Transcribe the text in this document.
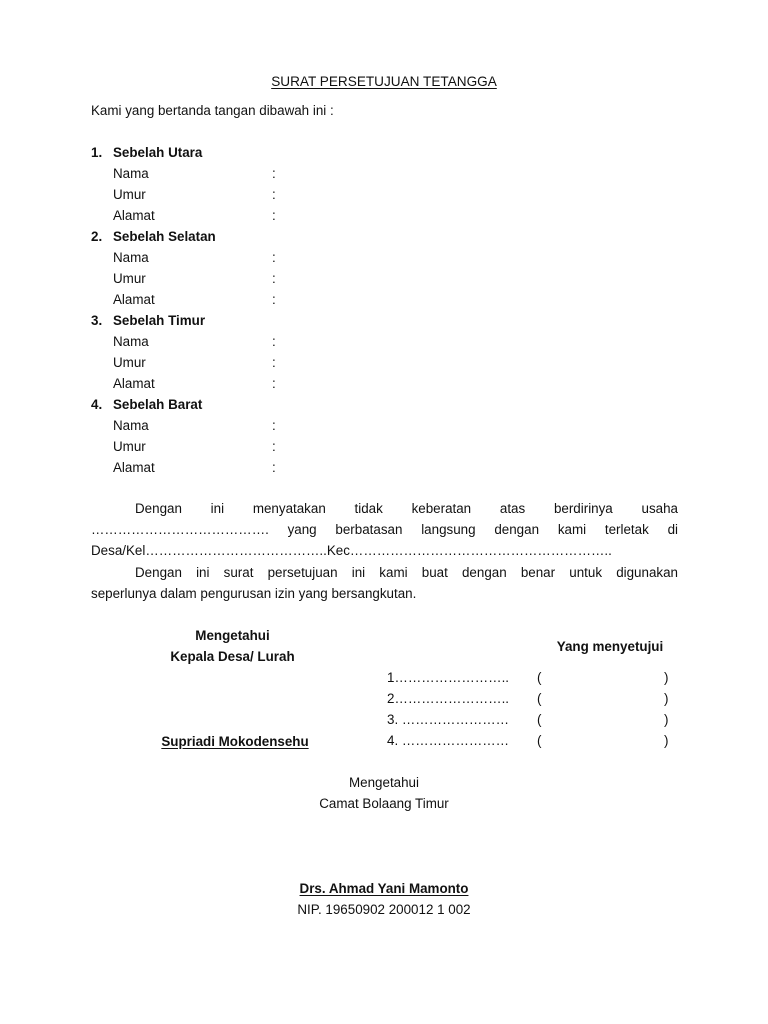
SURAT PERSETUJUAN TETANGGA
Kami yang bertanda tangan dibawah ini :
1. Sebelah Utara
Nama	:
Umur	:
Alamat	:
2. Sebelah Selatan
Nama	:
Umur	:
Alamat	:
3. Sebelah Timur
Nama	:
Umur	:
Alamat	:
4. Sebelah Barat
Nama	:
Umur	:
Alamat	:
Dengan ini menyatakan tidak keberatan atas berdirinya usaha
…………………………………. yang berbatasan langsung dengan kami terletak di
Desa/Kel…………………………………..Kec…………………………………………………..
Dengan ini surat persetujuan ini kami buat dengan benar untuk digunakan
seperlunya dalam pengurusan izin yang bersangkutan.
Mengetahui
Kepala Desa/ Lurah
Supriadi Mokodensehu
Yang menyetujui
1…………………….. (	)
2…………………….. (	)
3. …………………… (	)
4. …………………… (	)
Mengetahui
Camat Bolaang Timur
Drs. Ahmad Yani Mamonto
NIP. 19650902 200012 1 002
